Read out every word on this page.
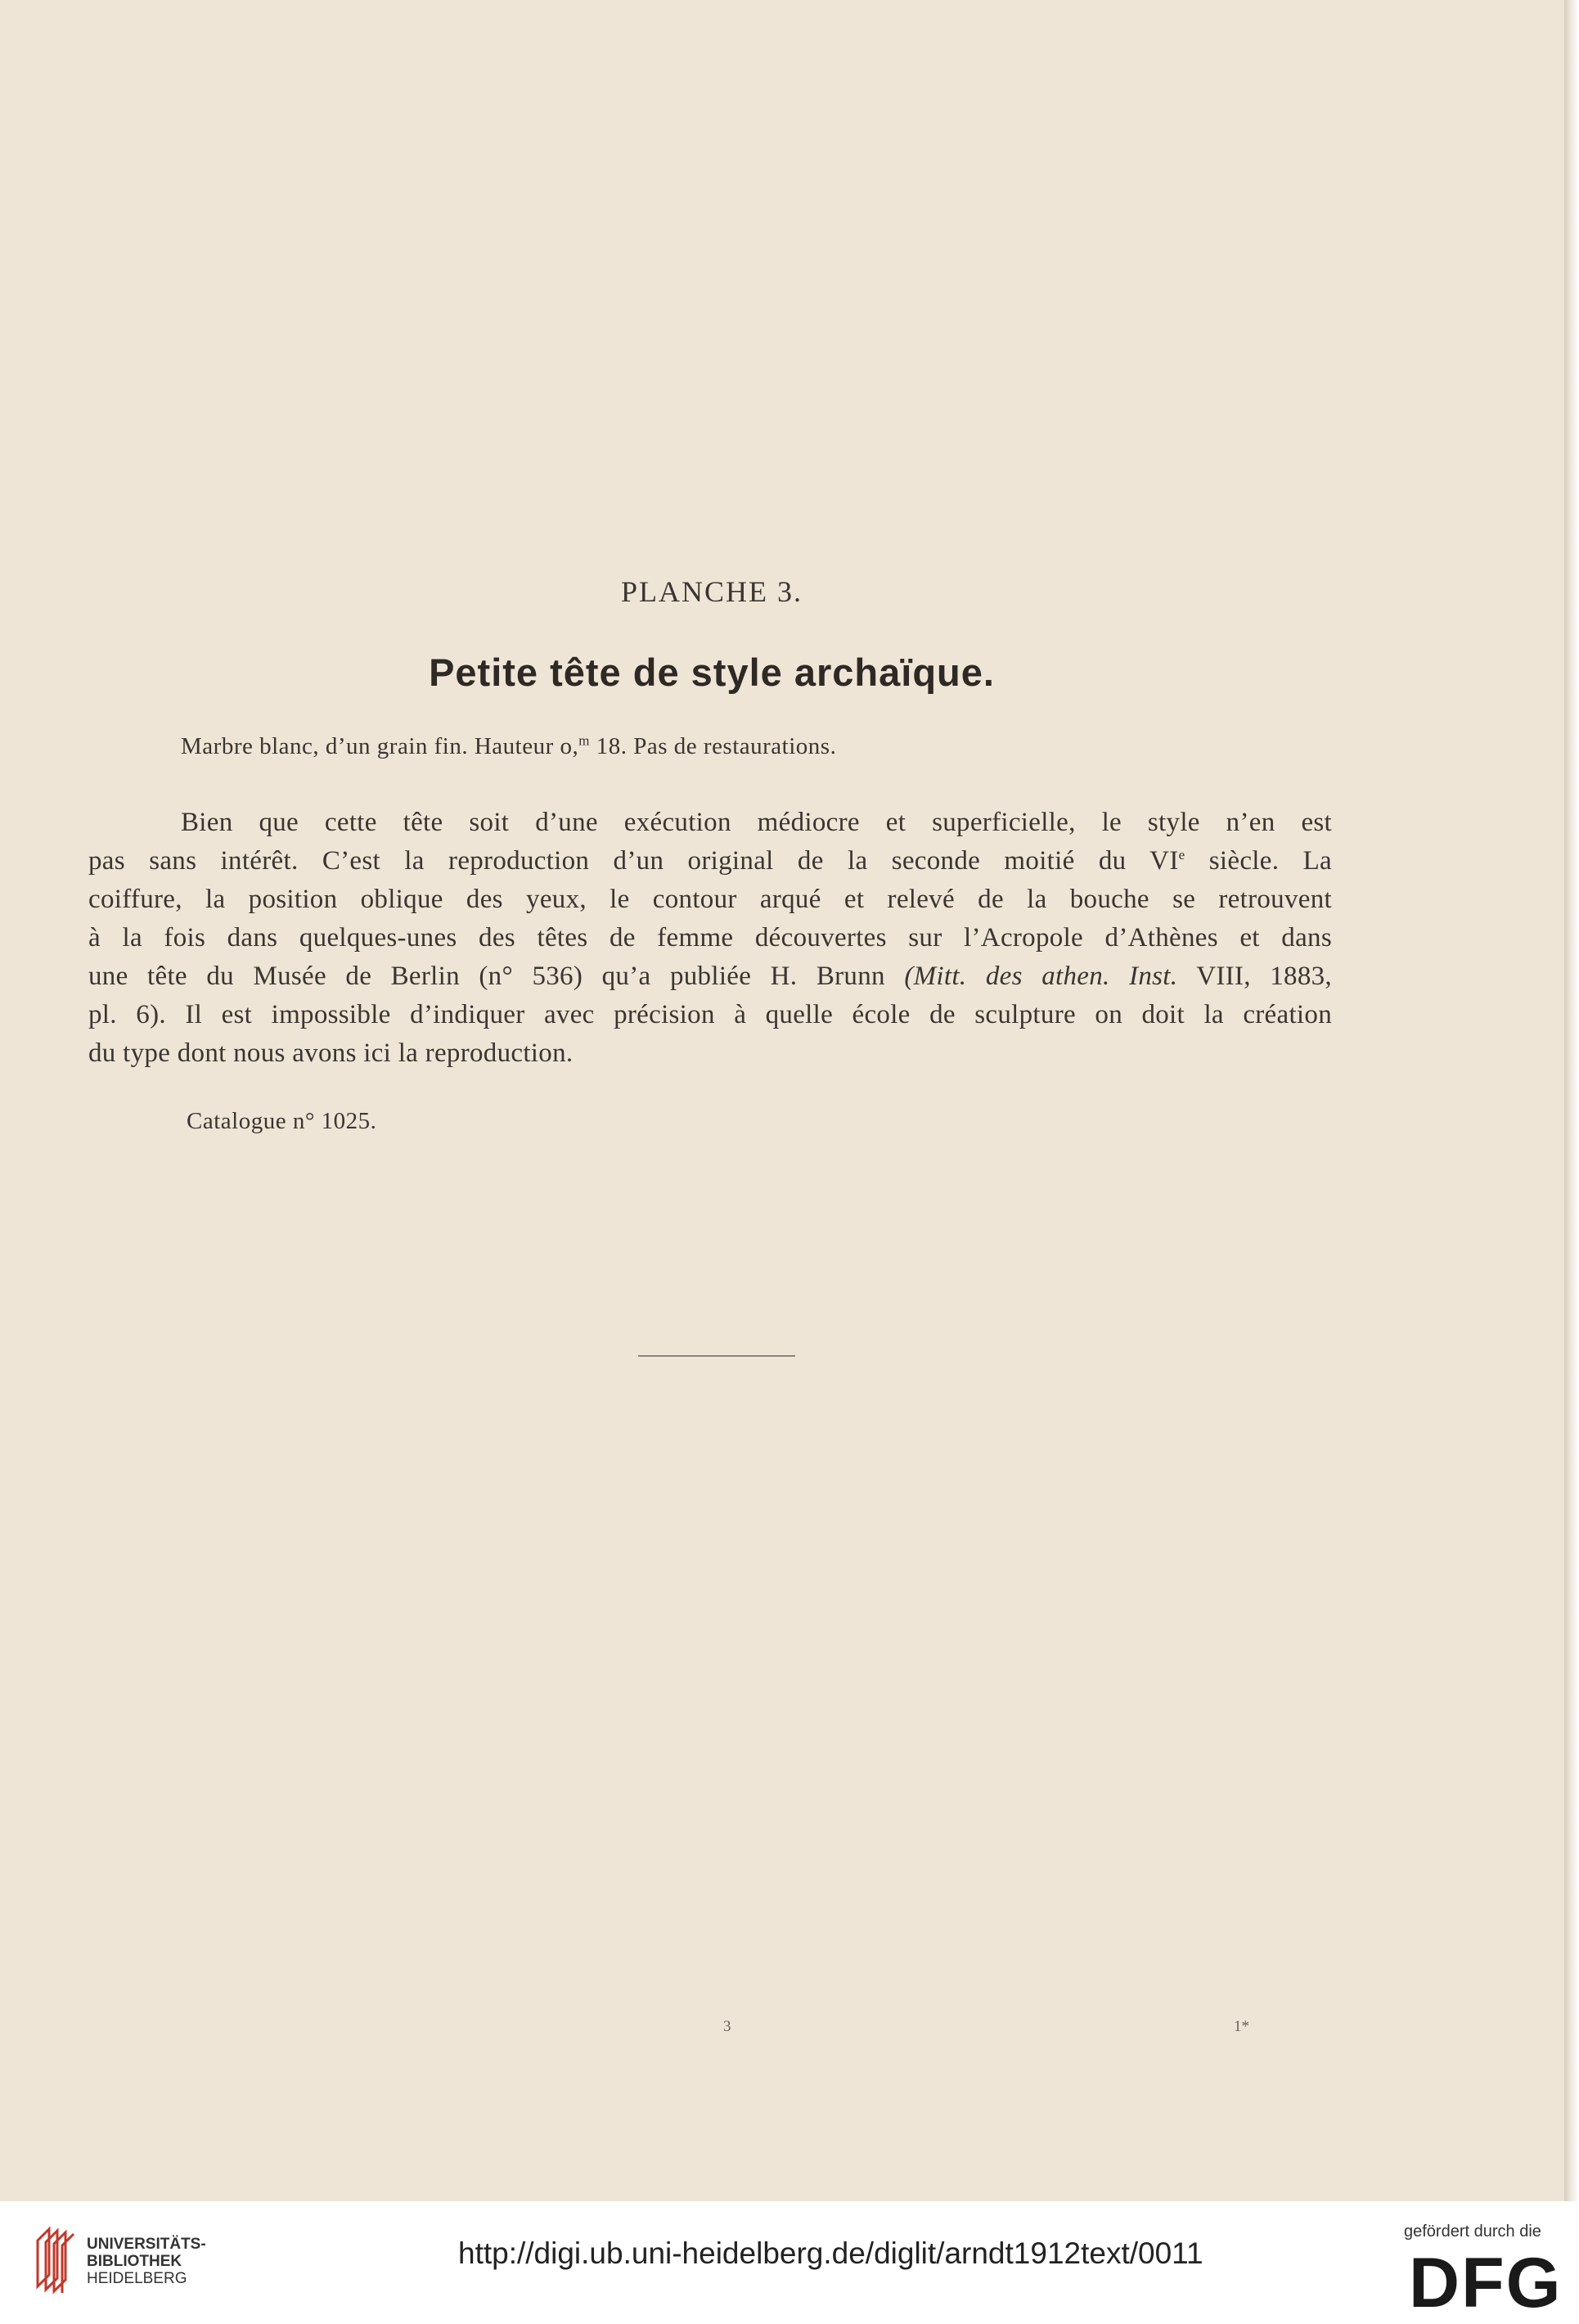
PLANCHE 3.
Petite tête de style archaïque.
Marbre blanc, d’un grain fin. Hauteur o,$^m$ 18. Pas de restaurations.
Bien que cette tête soit d’une exécution médiocre et superficielle, le style n’en est
pas sans intérêt. C’est la reproduction d’un original de la seconde moitié du VIe siècle. La
coiffure, la position oblique des yeux, le contour arqué et relevé de la bouche se retrouvent
à la fois dans quelques-unes des têtes de femme découvertes sur l’Acropole d’Athènes et dans
une tête du Musée de Berlin (n° 536) qu’a publiée H. Brunn (Mitt. des athen. Inst. VIII, 1883,
pl. 6). Il est impossible d’indiquer avec précision à quelle école de sculpture on doit la création
du type dont nous avons ici la reproduction.
Catalogue n° 1025.
3	1*
UNIVERSITÄTS-
BIBLIOTHEK
HEIDELBERG
http://digi.ub.uni-heidelberg.de/diglit/arndt1912text/0011
gefördert durch die
DFG
